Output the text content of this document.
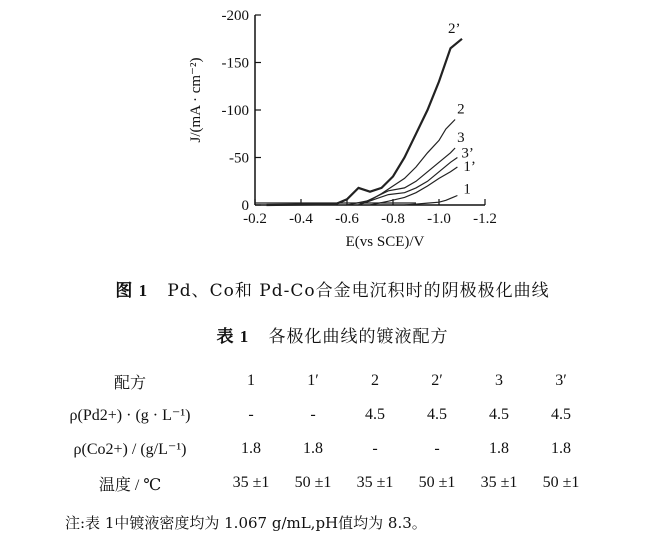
0
-50
-100
-150
-200
-0.2 -0.4 -0.6 -0.8 -1.0 -1.2
E(vs SCE)/V
J/(mA · cm⁻²)
2’
2
3
3’
1’
1
图 1 Pd、Co和 Pd-Co合金电沉积时的阴极极化曲线
表 1 各极化曲线的镀液配方
配方	1	1′	2	2′	3	3′
ρ(Pd2+) · (g · L⁻¹)	-	-	4.5	4.5	4.5	4.5
ρ(Co2+) / (g/L⁻¹)	1.8	1.8	-	-	1.8	1.8
温度 / ℃	35 ±1	50 ±1	35 ±1	50 ±1	35 ±1	50 ±1
注:表 1中镀液密度均为 1.067 g/mL,pH值均为 8.3。
